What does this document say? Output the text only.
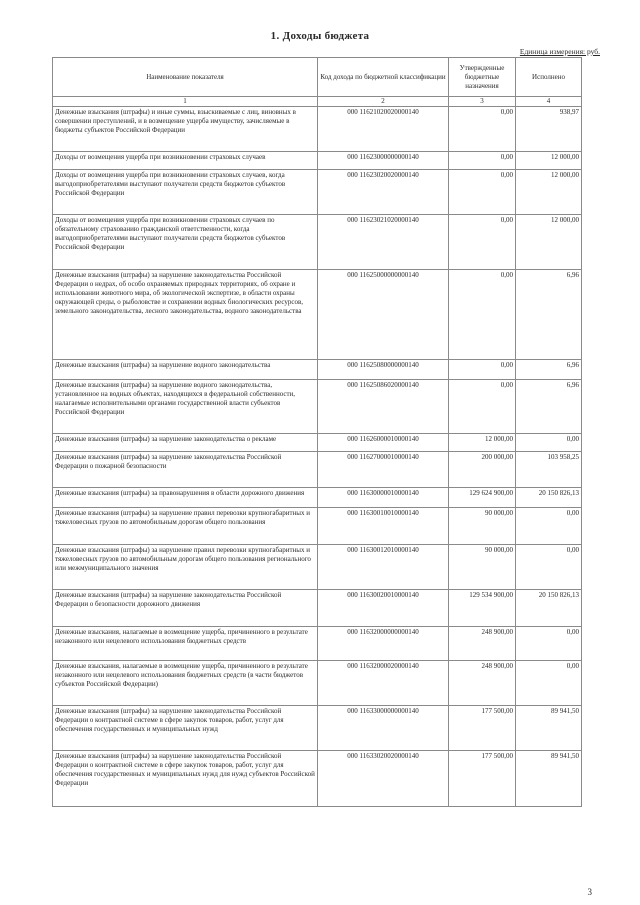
1. Доходы бюджета
Единица измерения: руб.
Наименование показателя	Код дохода по бюджетной классификации	Утвержденные бюджетные назначения	Исполнено
1	2	3	4
Денежные взыскания (штрафы) и иные суммы, взыскиваемые с лиц, виновных в совершении преступлений, и в возмещение ущерба имуществу, зачисляемые в бюджеты субъектов Российской Федерации	000 11621020020000140	0,00	938,97
Доходы от возмещения ущерба при возникновении страховых случаев	000 11623000000000140	0,00	12 000,00
Доходы от возмещения ущерба при возникновении страховых случаев, когда выгодоприобретателями выступают получатели средств бюджетов субъектов Российской Федерации	000 11623020020000140	0,00	12 000,00
Доходы от возмещения ущерба при возникновении страховых случаев по обязательному страхованию гражданской ответственности, когда выгодоприобретателями выступают получатели средств бюджетов субъектов Российской Федерации	000 11623021020000140	0,00	12 000,00
Денежные взыскания (штрафы) за нарушение законодательства Российской Федерации о недрах, об особо охраняемых природных территориях, об охране и использовании животного мира, об экологической экспертизе, в области охраны окружающей среды, о рыболовстве и сохранении водных биологических ресурсов, земельного законодательства, лесного законодательства, водного законодательства	000 11625000000000140	0,00	6,96
Денежные взыскания (штрафы) за нарушение водного законодательства	000 11625080000000140	0,00	6,96
Денежные взыскания (штрафы) за нарушение водного законодательства, установленное на водных объектах, находящихся в федеральной собственности, налагаемые исполнительными органами государственной власти субъектов Российской Федерации	000 11625086020000140	0,00	6,96
Денежные взыскания (штрафы) за нарушение законодательства о рекламе	000 11626000010000140	12 000,00	0,00
Денежные взыскания (штрафы) за нарушение законодательства Российской Федерации о пожарной безопасности	000 11627000010000140	200 000,00	103 958,25
Денежные взыскания (штрафы) за правонарушения в области дорожного движения	000 11630000010000140	129 624 900,00	20 150 826,13
Денежные взыскания (штрафы) за нарушение правил перевозки крупногабаритных и тяжеловесных грузов по автомобильным дорогам общего пользования	000 11630010010000140	90 000,00	0,00
Денежные взыскания (штрафы) за нарушение правил перевозки крупногабаритных и тяжеловесных грузов по автомобильным дорогам общего пользования регионального или межмуниципального значения	000 11630012010000140	90 000,00	0,00
Денежные взыскания (штрафы) за нарушение законодательства Российской Федерации о безопасности дорожного движения	000 11630020010000140	129 534 900,00	20 150 826,13
Денежные взыскания, налагаемые в возмещение ущерба, причиненного в результате незаконного или нецелевого использования бюджетных средств	000 11632000000000140	248 900,00	0,00
Денежные взыскания, налагаемые в возмещение ущерба, причиненного в результате незаконного или нецелевого использования бюджетных средств (в части бюджетов субъектов Российской Федерации)	000 11632000020000140	248 900,00	0,00
Денежные взыскания (штрафы) за нарушение законодательства Российской Федерации о контрактной системе в сфере закупок товаров, работ, услуг для обеспечения государственных и муниципальных нужд	000 11633000000000140	177 500,00	89 941,50
Денежные взыскания (штрафы) за нарушение законодательства Российской Федерации о контрактной системе в сфере закупок товаров, работ, услуг для обеспечения государственных и муниципальных нужд для нужд субъектов Российской Федерации	000 11633020020000140	177 500,00	89 941,50
3
